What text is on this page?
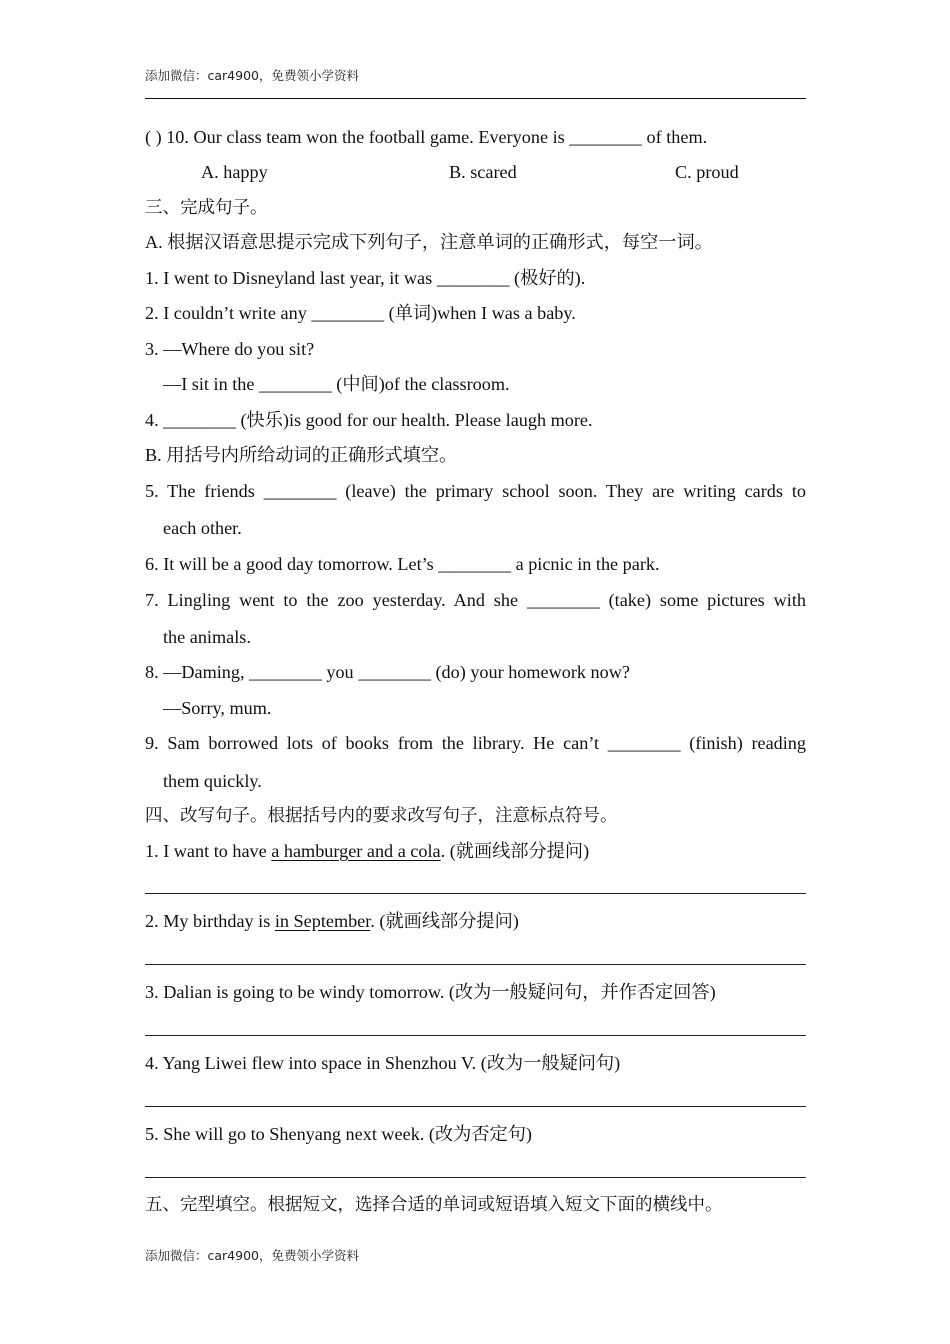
添加微信：car4900，免费领小学资料
( ) 10. Our class team won the football game. Everyone is ________ of them.
A. happy	B. scared	C. proud
三、完成句子。
A. 根据汉语意思提示完成下列句子，注意单词的正确形式，每空一词。
1. I went to Disneyland last year, it was ________ (极好的).
2. I couldn’t write any ________ (单词)when I was a baby.
3. —Where do you sit?
—I sit in the ________ (中间)of the classroom.
4. ________ (快乐)is good for our health. Please laugh more.
B. 用括号内所给动词的正确形式填空。
5. The friends ________ (leave) the primary school soon. They are writing cards to
each other.
6. It will be a good day tomorrow. Let’s ________ a picnic in the park.
7. Lingling went to the zoo yesterday. And she ________ (take) some pictures with
the animals.
8. —Daming, ________ you ________ (do) your homework now?
—Sorry, mum.
9. Sam borrowed lots of books from the library. He can’t ________ (finish) reading
them quickly.
四、改写句子。根据括号内的要求改写句子，注意标点符号。
1. I want to have a hamburger and a cola. (就画线部分提问)
2. My birthday is in September. (就画线部分提问)
3. Dalian is going to be windy tomorrow. (改为一般疑问句，并作否定回答)
4. Yang Liwei flew into space in Shenzhou V. (改为一般疑问句)
5. She will go to Shenyang next week. (改为否定句)
五、完型填空。根据短文，选择合适的单词或短语填入短文下面的横线中。
添加微信：car4900，免费领小学资料
